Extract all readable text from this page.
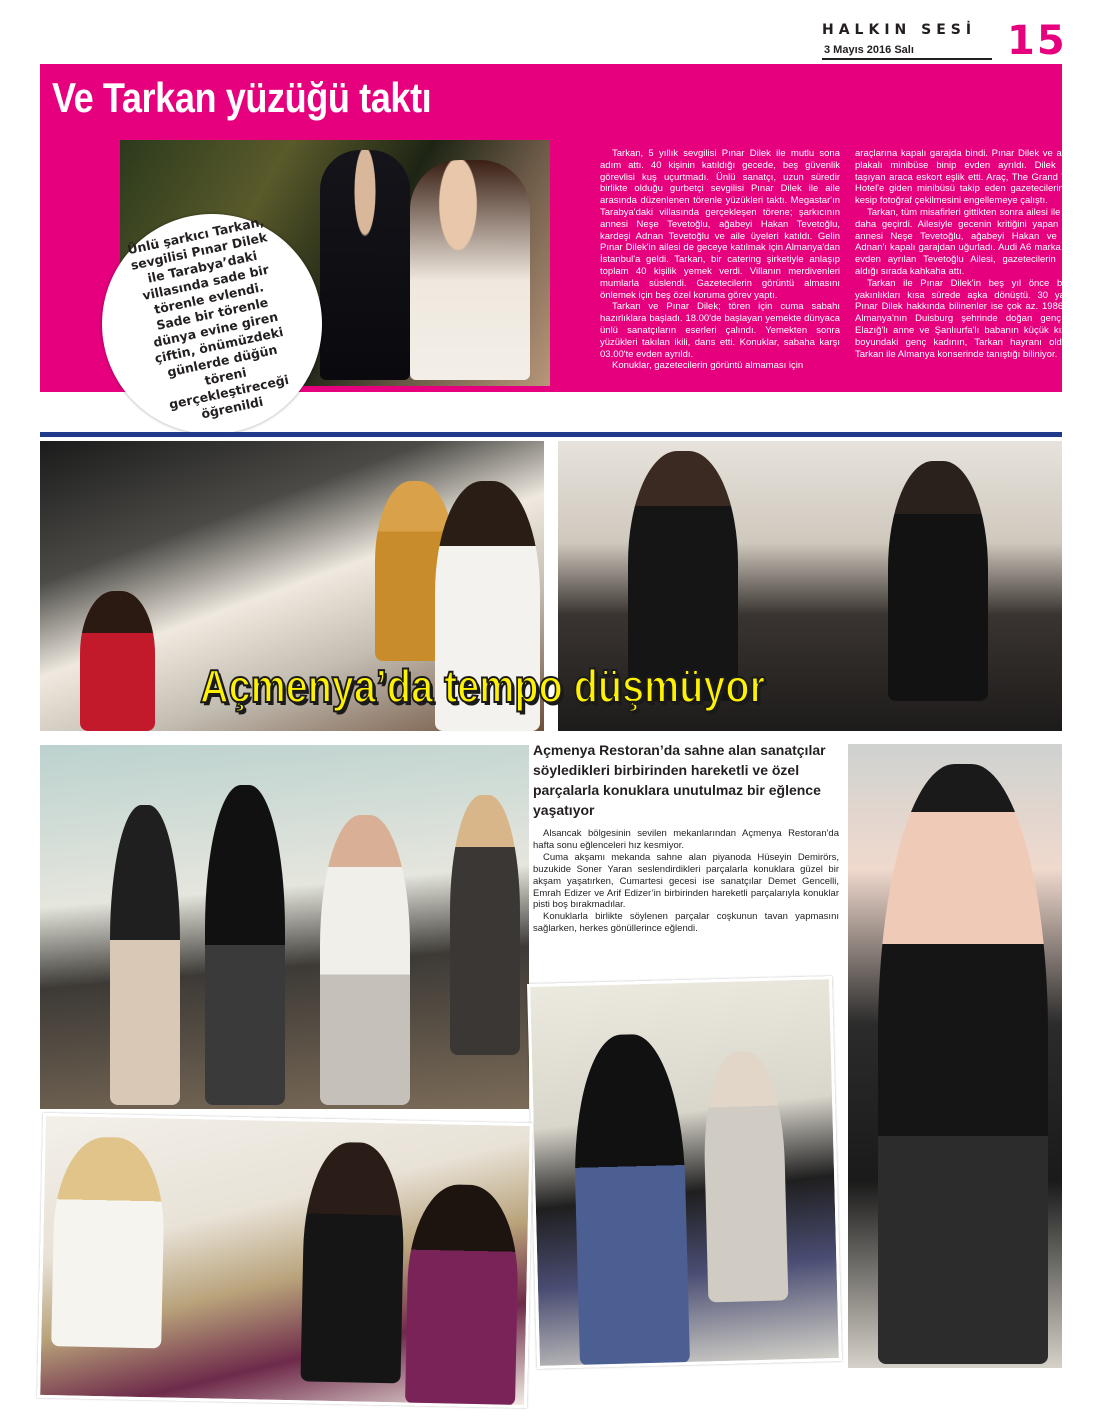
HALKIN SESİ
3 Mayıs 2016 Salı 15
Ve Tarkan yüzüğü taktı
Ünlü şarkıcı Tarkan, sevgilisi Pınar Dilek ile Tarabya’daki villasında sade bir törenle evlendi. Sade bir törenle dünya evine giren çiftin, önümüzdeki günlerde düğün töreni gerçekleştireceği öğrenildi

Tarkan, 5 yıllık sevgilisi Pınar Dilek ile mutlu sona adım attı. 40 kişinin katıldığı gecede, beş güvenlik görevlisi kuş uçurtmadı. Ünlü sanatçı, uzun süredir birlikte olduğu gurbetçi sevgilisi Pınar Dilek ile aile arasında düzenlenen törenle yüzükleri taktı. Megastar'ın Tarabya'daki villasında gerçekleşen törene; şarkıcının annesi Neşe Tevetoğlu, ağabeyi Hakan Tevetoğlu, kardeşi Adnan Tevetoğlu ve aile üyeleri katıldı. Gelin Pınar Dilek'in ailesi de geceye katılmak için Almanya'dan İstanbul'a geldi. Tarkan, bir catering şirketiyle anlaşıp toplam 40 kişilik yemek verdi. Villanın merdivenleri mumlarla süslendi. Gazetecilerin görüntü almasını önlemek için beş özel koruma görev yaptı.

Tarkan ve Pınar Dilek; tören için cuma sabahı hazırlıklara başladı. 18.00'de başlayan yemekte dünyaca ünlü sanatçıların eserleri çalındı. Yemekten sonra yüzükleri takılan ikili, dans etti. Konuklar, sabaha karşı 03.00'te evden ayrıldı.

Konuklar, gazetecilerin görüntü almaması için

araçlarına kapalı garajda bindi. Pınar Dilek ve ailesi, 35 plakalı minibüse binip evden ayrıldı. Dilek Ailesi'ni taşıyan araca eskort eşlik etti. Araç, The Grand Tarabya Hotel'e giden minibüsü takip eden gazetecilerin önüne kesip fotoğraf çekilmesini engellemeye çalıştı.

Tarkan, tüm misafirleri gittikten sonra ailesi ile bir saat daha geçirdi. Ailesiyle gecenin kritiğini yapan Tarkan; annesi Neşe Tevetoğlu, ağabeyi Hakan ve kardeşi Adnan'ı kapalı garajdan uğurladı. Audi A6 marka araç ile evden ayrılan Tevetoğlu Ailesi, gazetecilerin görüntü aldığı sırada kahkaha attı.

Tarkan ile Pınar Dilek'in beş yıl önce başlayan yakınlıkları kısa sürede aşka dönüştü. 30 yaşındaki Pınar Dilek hakkında bilinenler ise çok az. 1986 yılında Almanya'nın Duisburg şehrinde doğan genç kadın, Elazığ'lı anne ve Şanlıurfa'lı babanın küçük kızı. 1.57 boyundaki genç kadının, Tarkan hayranı olduğu ve Tarkan ile Almanya konserinde tanıştığı biliniyor.

Açmenya’da tempo düşmüyor
Açmenya Restoran’da sahne alan sanatçılar söyledikleri birbirinden hareketli ve özel parçalarla konuklara unutulmaz bir eğlence yaşatıyor

Alsancak bölgesinin sevilen mekanlarından Açmenya Restoran'da hafta sonu eğlenceleri hız kesmiyor.

Cuma akşamı mekanda sahne alan piyanoda Hüseyin Demirörs, buzukide Soner Yaran seslendirdikleri parçalarla konuklara güzel bir akşam yaşatırken, Cumartesi gecesi ise sanatçılar Demet Gencelli, Emrah Edizer ve Arif Edizer’in birbirinden hareketli parçalarıyla konuklar pisti boş bırakmadılar.

Konuklarla birlikte söylenen parçalar coşkunun tavan yapmasını sağlarken, herkes gönüllerince eğlendi.
